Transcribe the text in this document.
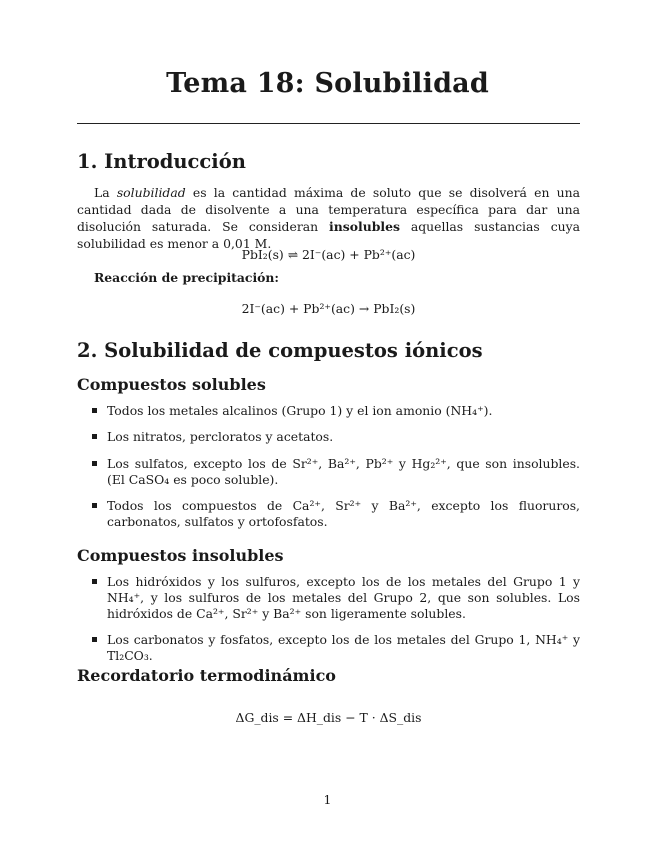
Tema 18: Solubilidad
1. Introducción

La solubilidad es la cantidad máxima de soluto que se disolverá en una cantidad dada de disolvente a una temperatura específica para dar una disolución saturada. Se consideran insolubles aquellas sustancias cuya solubilidad es menor a 0,01 M.

PbI₂(s) ⇌ 2I⁻(ac) + Pb²⁺(ac)
Reacción de precipitación:
2I⁻(ac) + Pb²⁺(ac) → PbI₂(s)
2. Solubilidad de compuestos iónicos
Compuestos solubles
Todos los metales alcalinos (Grupo 1) y el ion amonio (NH₄⁺).
Los nitratos, percloratos y acetatos.
Los sulfatos, excepto los de Sr²⁺, Ba²⁺, Pb²⁺ y Hg₂²⁺, que son insolubles. (El CaSO₄ es poco soluble).
Todos los compuestos de Ca²⁺, Sr²⁺ y Ba²⁺, excepto los fluoruros, carbonatos, sulfatos y ortofosfatos.
Compuestos insolubles
Los hidróxidos y los sulfuros, excepto los de los metales del Grupo 1 y NH₄⁺, y los sulfuros de los metales del Grupo 2, que son solubles. Los hidróxidos de Ca²⁺, Sr²⁺ y Ba²⁺ son ligeramente solubles.
Los carbonatos y fosfatos, excepto los de los metales del Grupo 1, NH₄⁺ y Tl₂CO₃.
Recordatorio termodinámico
ΔG_dis = ΔH_dis − T · ΔS_dis
1
